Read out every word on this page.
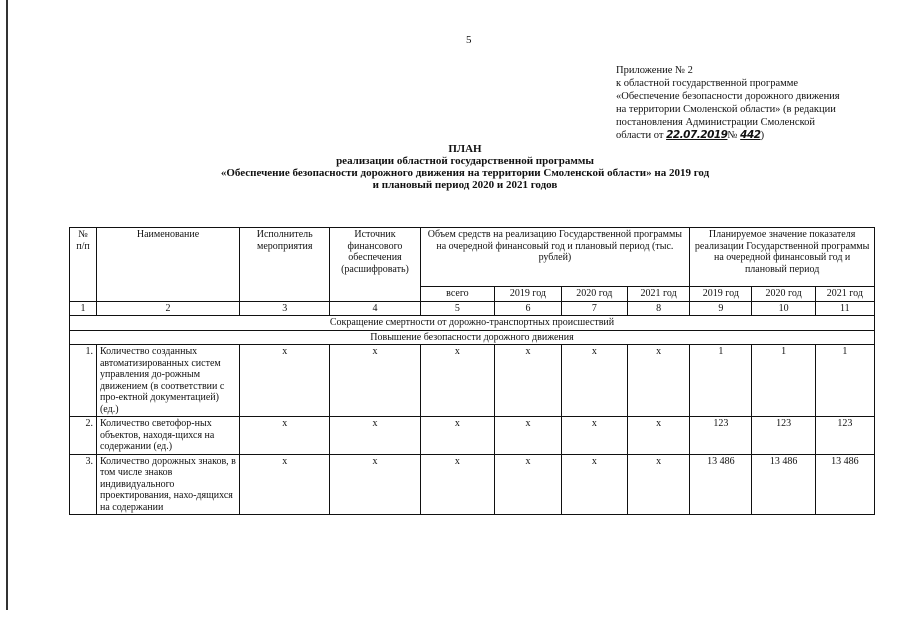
5
Приложение № 2
к областной государственной программе
«Обеспечение безопасности дорожного движения
на территории Смоленской области» (в редакции
постановления Администрации Смоленской
области от 22.07.2019№ 442)
ПЛАН
реализации областной государственной программы
«Обеспечение безопасности дорожного движения на территории Смоленской области» на 2019 год
и плановый период 2020 и 2021 годов
№ п/п	Наименование	Исполнитель мероприятия	Источник финансового обеспечения (расшифровать)	Объем средств на реализацию Государственной программы на очередной финансовый год и плановый период (тыс. рублей)				Планируемое значение показателя реализации Государственной программы на очередной финансовый год и плановый период		
				всего	2019 год	2020 год	2021 год	2019 год	2020 год	2021 год
1	2	3	4	5	6	7	8	9	10	11
Сокращение смертности от дорожно-транспортных происшествий										
Повышение безопасности дорожного движения										
1.	Количество созданных автоматизированных систем управления до-рожным движением (в соответствии с про-ектной документацией) (ед.)	х	х	х	х	х	х	1	1	1
2.	Количество светофор-ных объектов, находя-щихся на содержании (ед.)	х	х	х	х	х	х	123	123	123
3.	Количество дорожных знаков, в том числе знаков индивидуального проектирования, нахо-дящихся на содержании	х	х	х	х	х	х	13 486	13 486	13 486
